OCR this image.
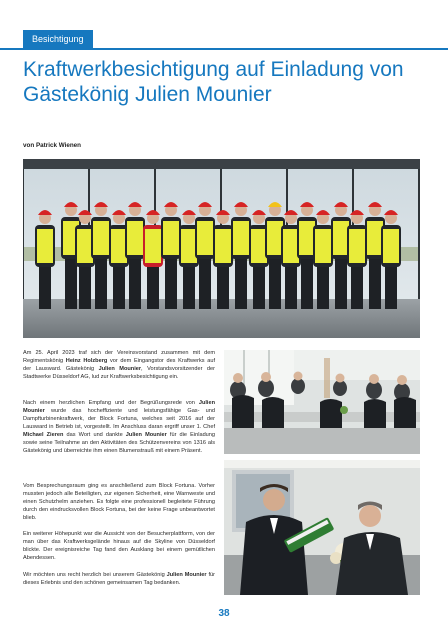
Besichtigung
Kraftwerkbesichtigung auf Einladung von Gästekönig Julien Mounier
von Patrick Wienen

Am 25. April 2023 traf sich der Vereinsvorstand zusammen mit dem Regimentskönig Heinz Holzberg vor dem Eingangstor des Kraftwerks auf der Lausward. Gästekönig Julien Mounier, Vorstandsvorsitzender der Stadtwerke Düsseldorf AG, lud zur Kraftwerksbesichtigung ein.

Nach einem herzlichen Empfang und der Begrüßungsrede von Julien Mounier wurde das hocheffiziente und leistungsfähige Gas- und Dampfturbinenkraftwerk, der Block Fortuna, welches seit 2016 auf der Lausward in Betrieb ist, vorgestellt. Im Anschluss daran ergriff unser 1. Chef Michael Zieren das Wort und dankte Julien Mounier für die Einladung sowie seine Teilnahme an den Aktivitäten des Schützenvereins von 1316 als Gästekönig und überreichte ihm einen Blumenstrauß mit einem Präsent.

Vom Besprechungsraum ging es anschließend zum Block Fortuna. Vorher mussten jedoch alle Beteiligten, zur eigenen Sicherheit, eine Warnweste und einen Schutzhelm anziehen. Es folgte eine professionell begleitete Führung durch den eindrucksvollen Block Fortuna, bei der keine Frage unbeantwortet blieb.

Ein weiterer Höhepunkt war die Aussicht von der Besucherplattform, von der man über das Kraftwerksgelände hinaus auf die Skyline von Düsseldorf blickte. Der ereignisreiche Tag fand den Ausklang bei einem gemütlichen Abendessen.

Wir möchten uns recht herzlich bei unserem Gästekönig Julien Mounier für dieses Erlebnis und den schönen gemeinsamen Tag bedanken.

38
